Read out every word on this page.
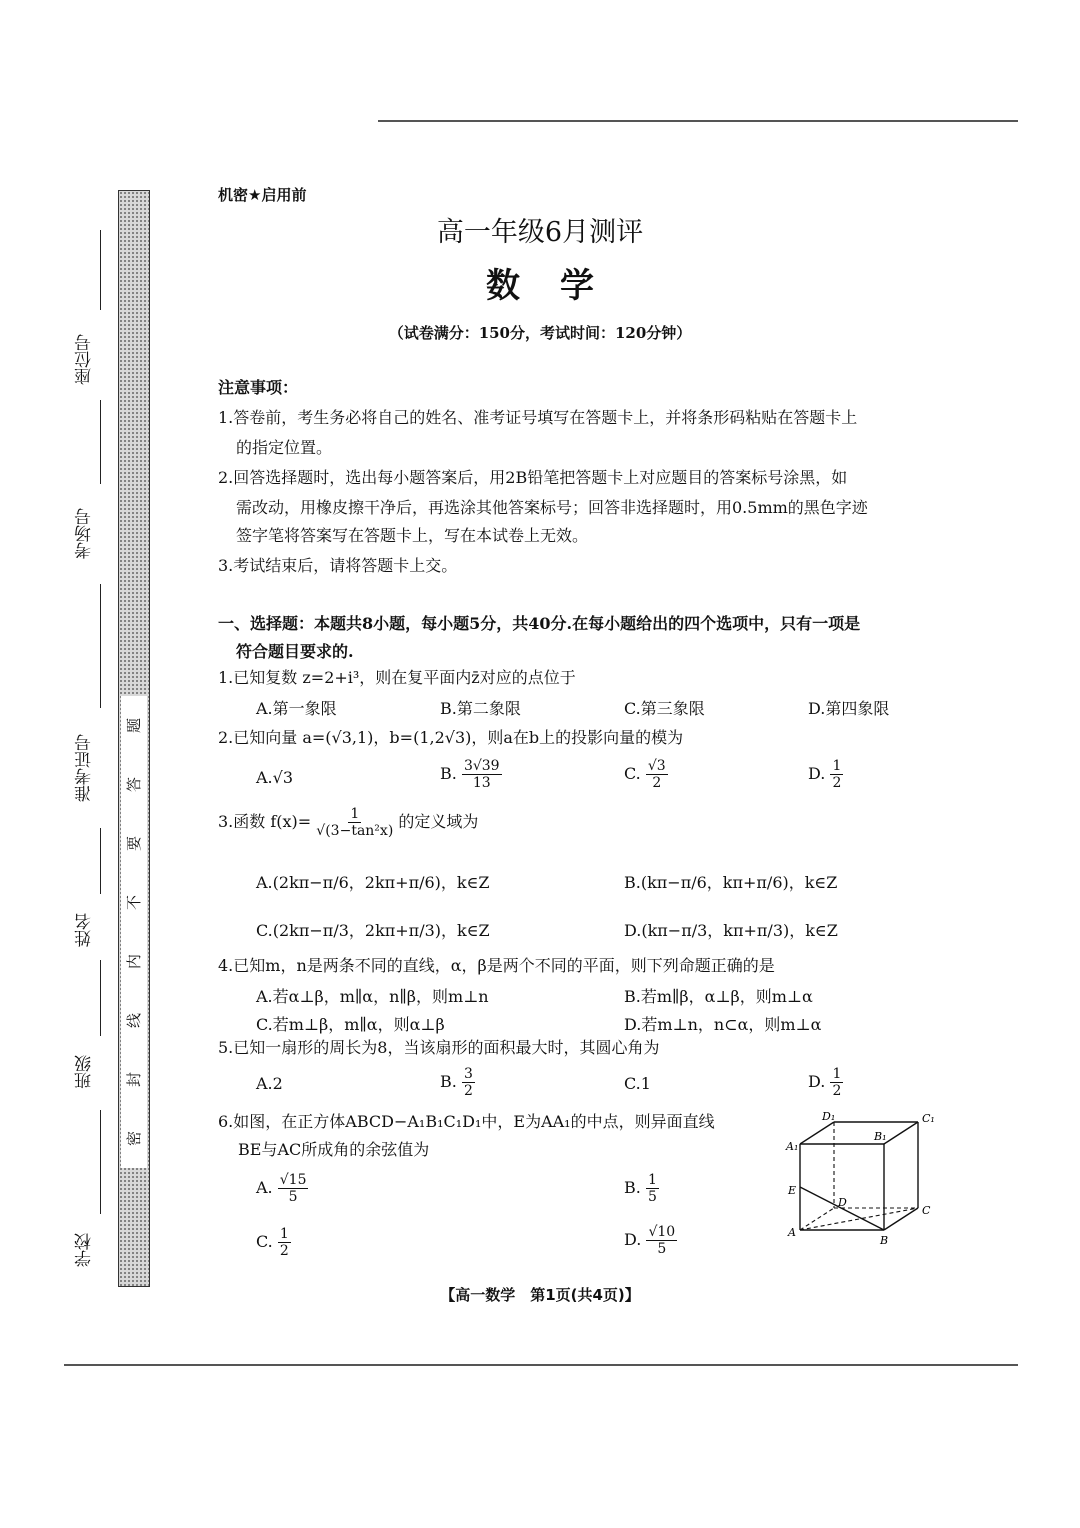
座位号
考场号
准考证号
姓名
班级
学校
题
答
要
不
内
线
封
密
机密★启用前
高一年级6月测评
数学
（试卷满分：150分，考试时间：120分钟）
注意事项：
1.答卷前，考生务必将自己的姓名、准考证号填写在答题卡上，并将条形码粘贴在答题卡上
的指定位置。
2.回答选择题时，选出每小题答案后，用2B铅笔把答题卡上对应题目的答案标号涂黑，如
需改动，用橡皮擦干净后，再选涂其他答案标号；回答非选择题时，用0.5mm的黑色字迹
签字笔将答案写在答题卡上，写在本试卷上无效。
3.考试结束后，请将答题卡上交。
一、选择题：本题共8小题，每小题5分，共40分.在每小题给出的四个选项中，只有一项是
符合题目要求的.
1.已知复数 z=2+i³，则在复平面内z̄对应的点位于
A.第一象限	B.第二象限	C.第三象限	D.第四象限
2.已知向量 a=(√3,1)，b=(1,2√3)，则a在b上的投影向量的模为
A.√3	B. $\frac{3√39}{13}$	C. $\frac{√3}{2}$	D. $\frac{1}{2}$
3.函数 $f(x)= \frac{1}{\text{√(3−tan²x)}}$ 的定义域为
A.(2kπ−π/6，2kπ+π/6)，k∈Z	B.(kπ−π/6，kπ+π/6)，k∈Z
C.(2kπ−π/3，2kπ+π/3)，k∈Z	D.(kπ−π/3，kπ+π/3)，k∈Z
4.已知m，n是两条不同的直线，α，β是两个不同的平面，则下列命题正确的是
A.若α⊥β，m∥α，n∥β，则m⊥n	B.若m∥β，α⊥β，则m⊥α
C.若m⊥β，m∥α，则α⊥β	D.若m⊥n，n⊂α，则m⊥α
5.已知一扇形的周长为8，当该扇形的面积最大时，其圆心角为
A.2	B. $\frac{3}{2}$	C.1	D. $\frac{1}{2}$
6.如图，在正方体ABCD−A₁B₁C₁D₁中，E为AA₁的中点，则异面直线
BE与AC所成角的余弦值为
A. $\frac{√15}{5}$	B. $\frac{1}{5}$
C. $\frac{1}{2}$	D. $\frac{√10}{5}$
D₁	C₁
B₁
A₁
E
D
C
A
B
【高一数学　第1页(共4页)】
